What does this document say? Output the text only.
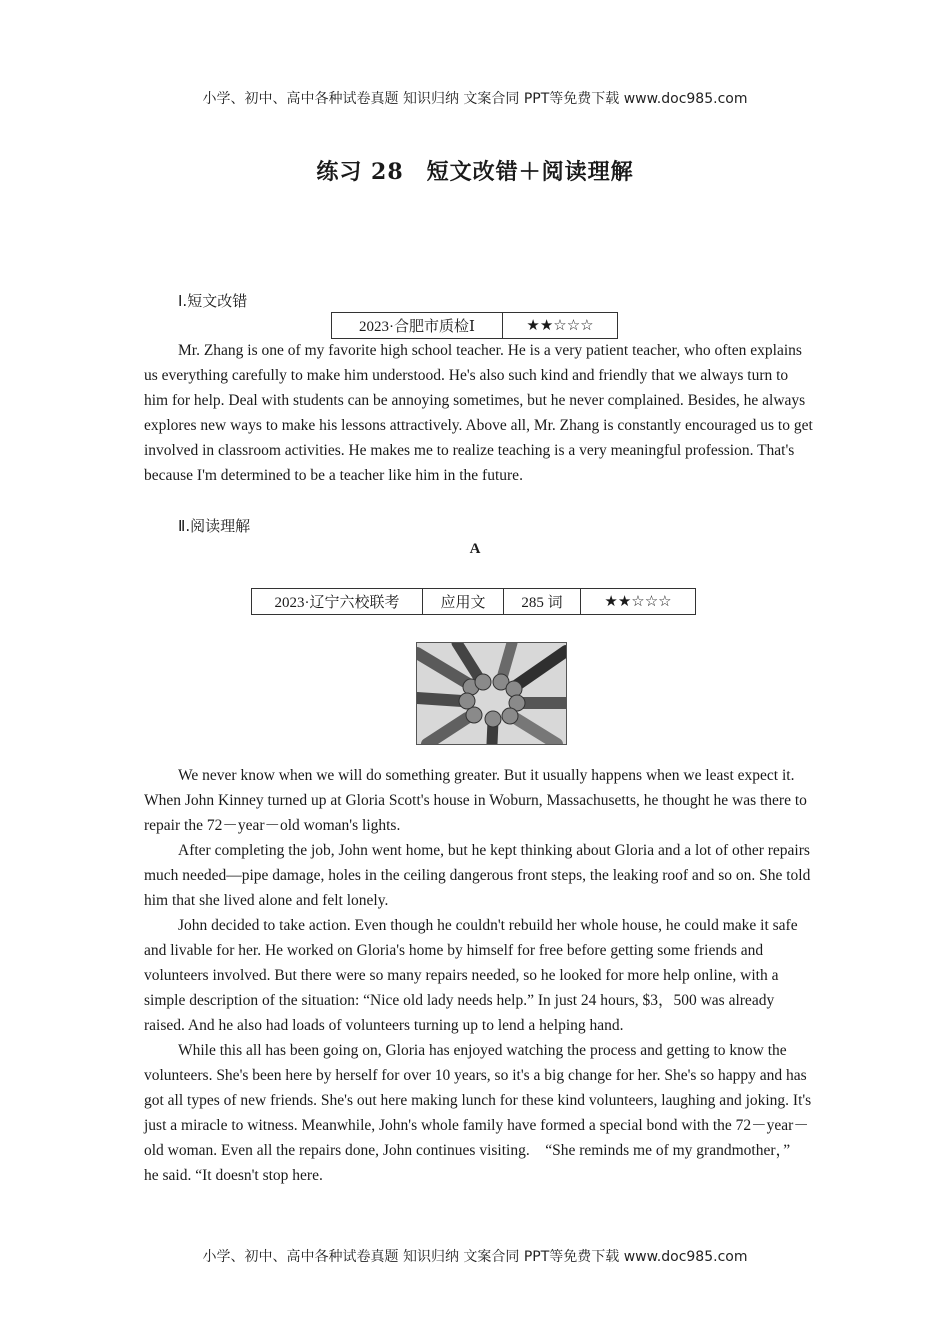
小学、初中、高中各种试卷真题 知识归纳 文案合同 PPT等免费下载 www.doc985.com
练习 28　短文改错＋阅读理解
Ⅰ.短文改错
2023·合肥市质检Ⅰ	★★☆☆☆

Mr. Zhang is one of my favorite high school teacher. He is a very patient teacher, who often explains us everything carefully to make him understood. He's also such kind and friendly that we always turn to him for help. Deal with students can be annoying sometimes, but he never complained. Besides, he always explores new ways to make his lessons attractively. Above all, Mr. Zhang is constantly encouraged us to get involved in classroom activities. He makes me to realize teaching is a very meaningful profession. That's because I'm determined to be a teacher like him in the future.

Ⅱ.阅读理解
A
2023·辽宁六校联考	应用文	285 词	★★☆☆☆

We never know when we will do something greater. But it usually happens when we least expect it. When John Kinney turned up at Gloria Scott's house in Woburn, Massachusetts, he thought he was there to repair the 72－year－old woman's lights.

After completing the job, John went home, but he kept thinking about Gloria and a lot of other repairs much needed—pipe damage, holes in the ceiling dangerous front steps, the leaking roof and so on. She told him that she lived alone and felt lonely.

John decided to take action. Even though he couldn't rebuild her whole house, he could make it safe and livable for her. He worked on Gloria's home by himself for free before getting some friends and volunteers involved. But there were so many repairs needed, so he looked for more help online, with a simple description of the situation: “Nice old lady needs help.” In just 24 hours, $3，500 was already raised. And he also had loads of volunteers turning up to lend a helping hand.

While this all has been going on, Gloria has enjoyed watching the process and getting to know the volunteers. She's been here by herself for over 10 years, so it's a big change for her. She's so happy and has got all types of new friends. She's out here making lunch for these kind volunteers, laughing and joking. It's just a miracle to witness. Meanwhile, John's whole family have formed a special bond with the 72－year－old woman. Even all the repairs done, John continues visiting.　“She reminds me of my grandmother，”　he said. “It doesn't stop here.

小学、初中、高中各种试卷真题 知识归纳 文案合同 PPT等免费下载 www.doc985.com
